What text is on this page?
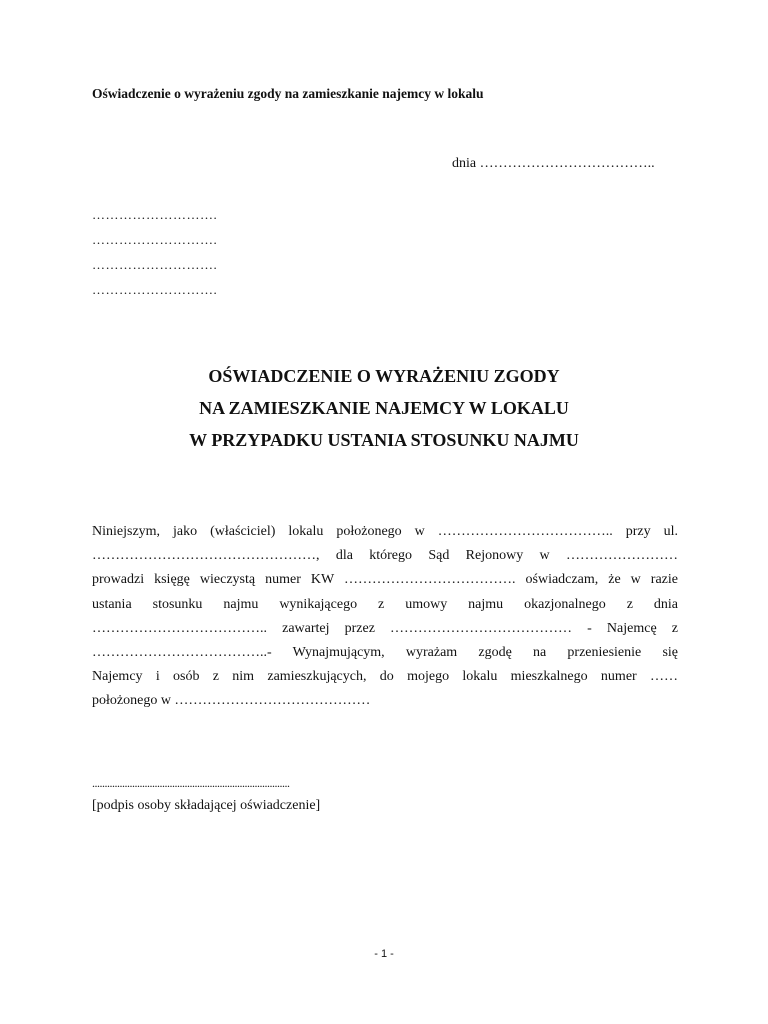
Oświadczenie o wyrażeniu zgody na zamieszkanie najemcy w lokalu
dnia ………………………………..
……………………….
……………………….
……………………….
……………………….
OŚWIADCZENIE O WYRAŻENIU ZGODY
NA ZAMIESZKANIE NAJEMCY W LOKALU
W PRZYPADKU USTANIA STOSUNKU NAJMU
Niniejszym, jako (właściciel) lokalu położonego w ……………………………….. przy ul.
…………………………………………, dla którego Sąd Rejonowy w ……………………
prowadzi księgę wieczystą numer KW ………………………………. oświadczam, że w razie
ustania stosunku najmu wynikającego z umowy najmu okazjonalnego z dnia
……………………………….. zawartej przez ………………………………… - Najemcę z
………………………………..- Wynajmującym, wyrażam zgodę na przeniesienie się
Najemcy i osób z nim zamieszkujących, do mojego lokalu mieszkalnego numer ……
położonego w ……………………………………
...............................................................................
[podpis osoby składającej oświadczenie]
- 1 -
